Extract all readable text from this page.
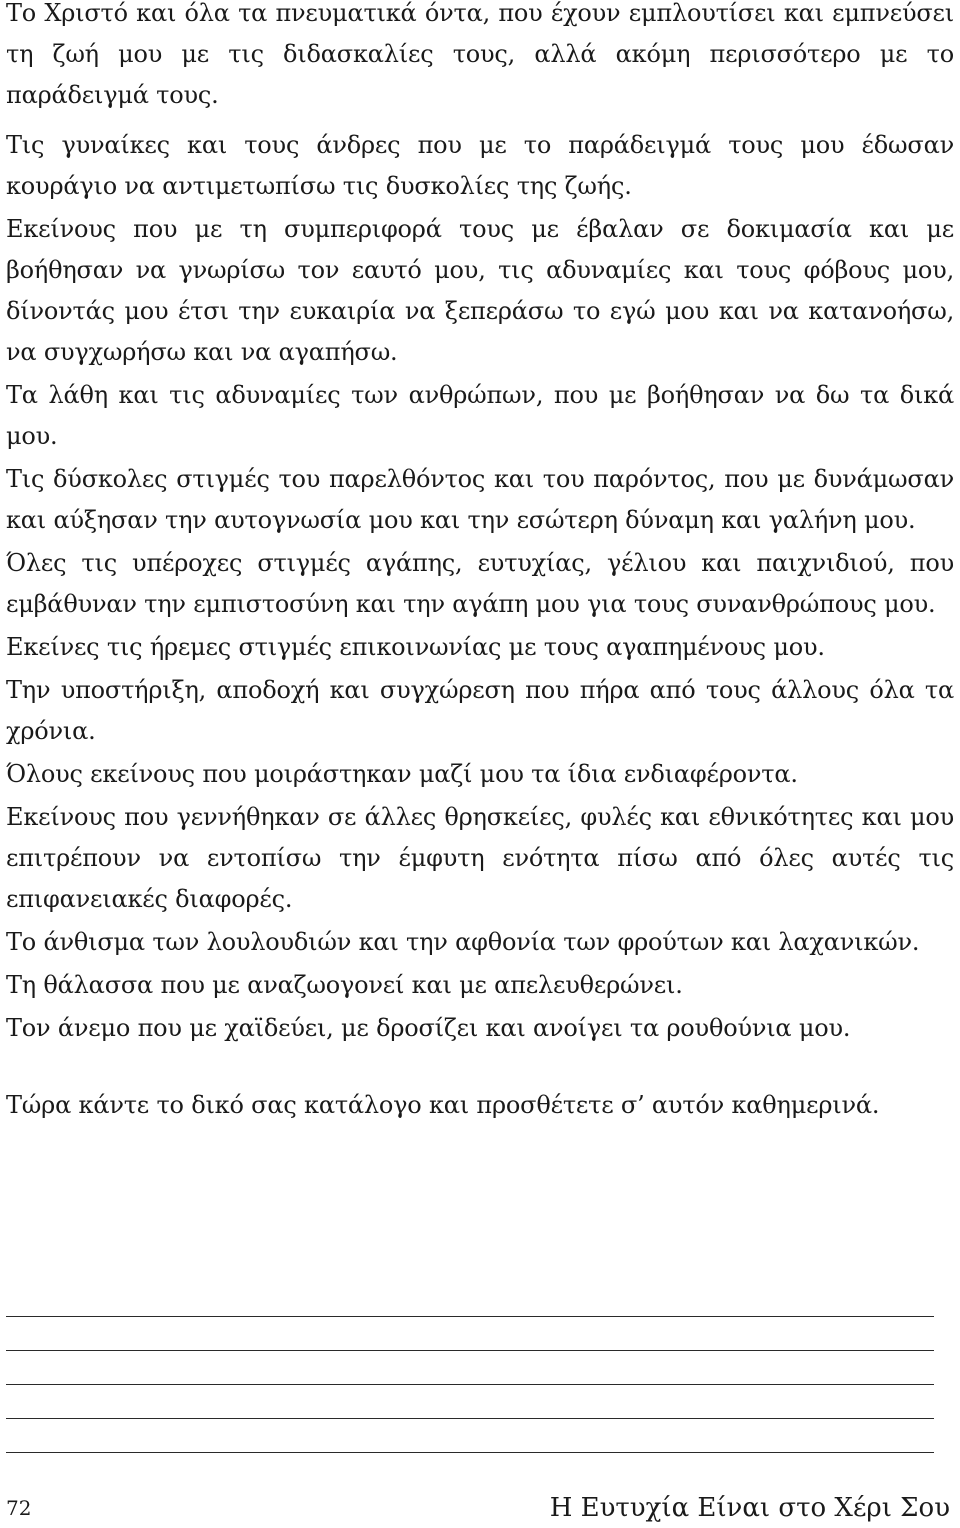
Το Χριστό και όλα τα πνευματικά όντα, που έχουν εμπλουτίσει και εμπνεύσει τη ζωή μου με τις διδασκαλίες τους, αλλά ακόμη περισσότερο με το παράδειγμά τους.

Τις γυναίκες και τους άνδρες που με το παράδειγμά τους μου έδωσαν κουράγιο να αντιμετωπίσω τις δυσκολίες της ζωής.

Εκείνους που με τη συμπεριφορά τους με έβαλαν σε δοκιμασία και με βοήθησαν να γνωρίσω τον εαυτό μου, τις αδυναμίες και τους φόβους μου, δίνοντάς μου έτσι την ευκαιρία να ξεπεράσω το εγώ μου και να κατανοήσω, να συγχωρήσω και να αγαπήσω.

Τα λάθη και τις αδυναμίες των ανθρώπων, που με βοήθησαν να δω τα δικά μου.

Τις δύσκολες στιγμές του παρελθόντος και του παρόντος, που με δυνάμωσαν και αύξησαν την αυτογνωσία μου και την εσώτερη δύναμη και γαλήνη μου.

Όλες τις υπέροχες στιγμές αγάπης, ευτυχίας, γέλιου και παιχνιδιού, που εμβάθυναν την εμπιστοσύνη και την αγάπη μου για τους συνανθρώπους μου.

Εκείνες τις ήρεμες στιγμές επικοινωνίας με τους αγαπημένους μου.

Την υποστήριξη, αποδοχή και συγχώρεση που πήρα από τους άλλους όλα τα χρόνια.

Όλους εκείνους που μοιράστηκαν μαζί μου τα ίδια ενδιαφέροντα.

Εκείνους που γεννήθηκαν σε άλλες θρησκείες, φυλές και εθνικότητες και μου επιτρέπουν να εντοπίσω την έμφυτη ενότητα πίσω από όλες αυτές τις επιφανειακές διαφορές.

Το άνθισμα των λουλουδιών και την αφθονία των φρούτων και λαχανικών.

Τη θάλασσα που με αναζωογονεί και με απελευθερώνει.

Τον άνεμο που με χαϊδεύει, με δροσίζει και ανοίγει τα ρουθούνια μου.

Τώρα κάντε το δικό σας κατάλογο και προσθέτετε σ’ αυτόν καθημερινά.

72	Η Ευτυχία Είναι στο Χέρι Σου
